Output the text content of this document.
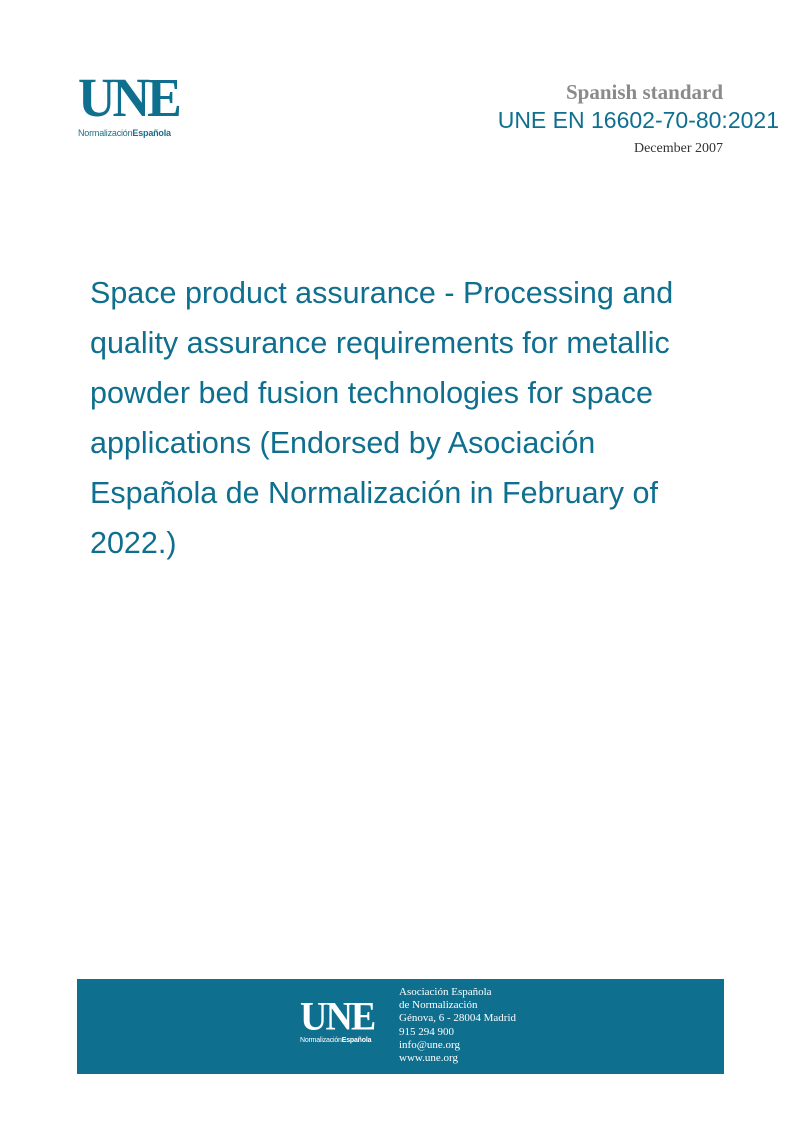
UNE
NormalizaciónEspañola
Spanish standard
UNE EN 16602-70-80:2021
December 2007
Space product assurance - Processing and quality assurance requirements for metallic powder bed fusion technologies for space applications (Endorsed by Asociación Española de Normalización in February of 2022.)
UNE
NormalizaciónEspañola
Asociación Española
de Normalización
Génova, 6 - 28004 Madrid
915 294 900
info@une.org
www.une.org
